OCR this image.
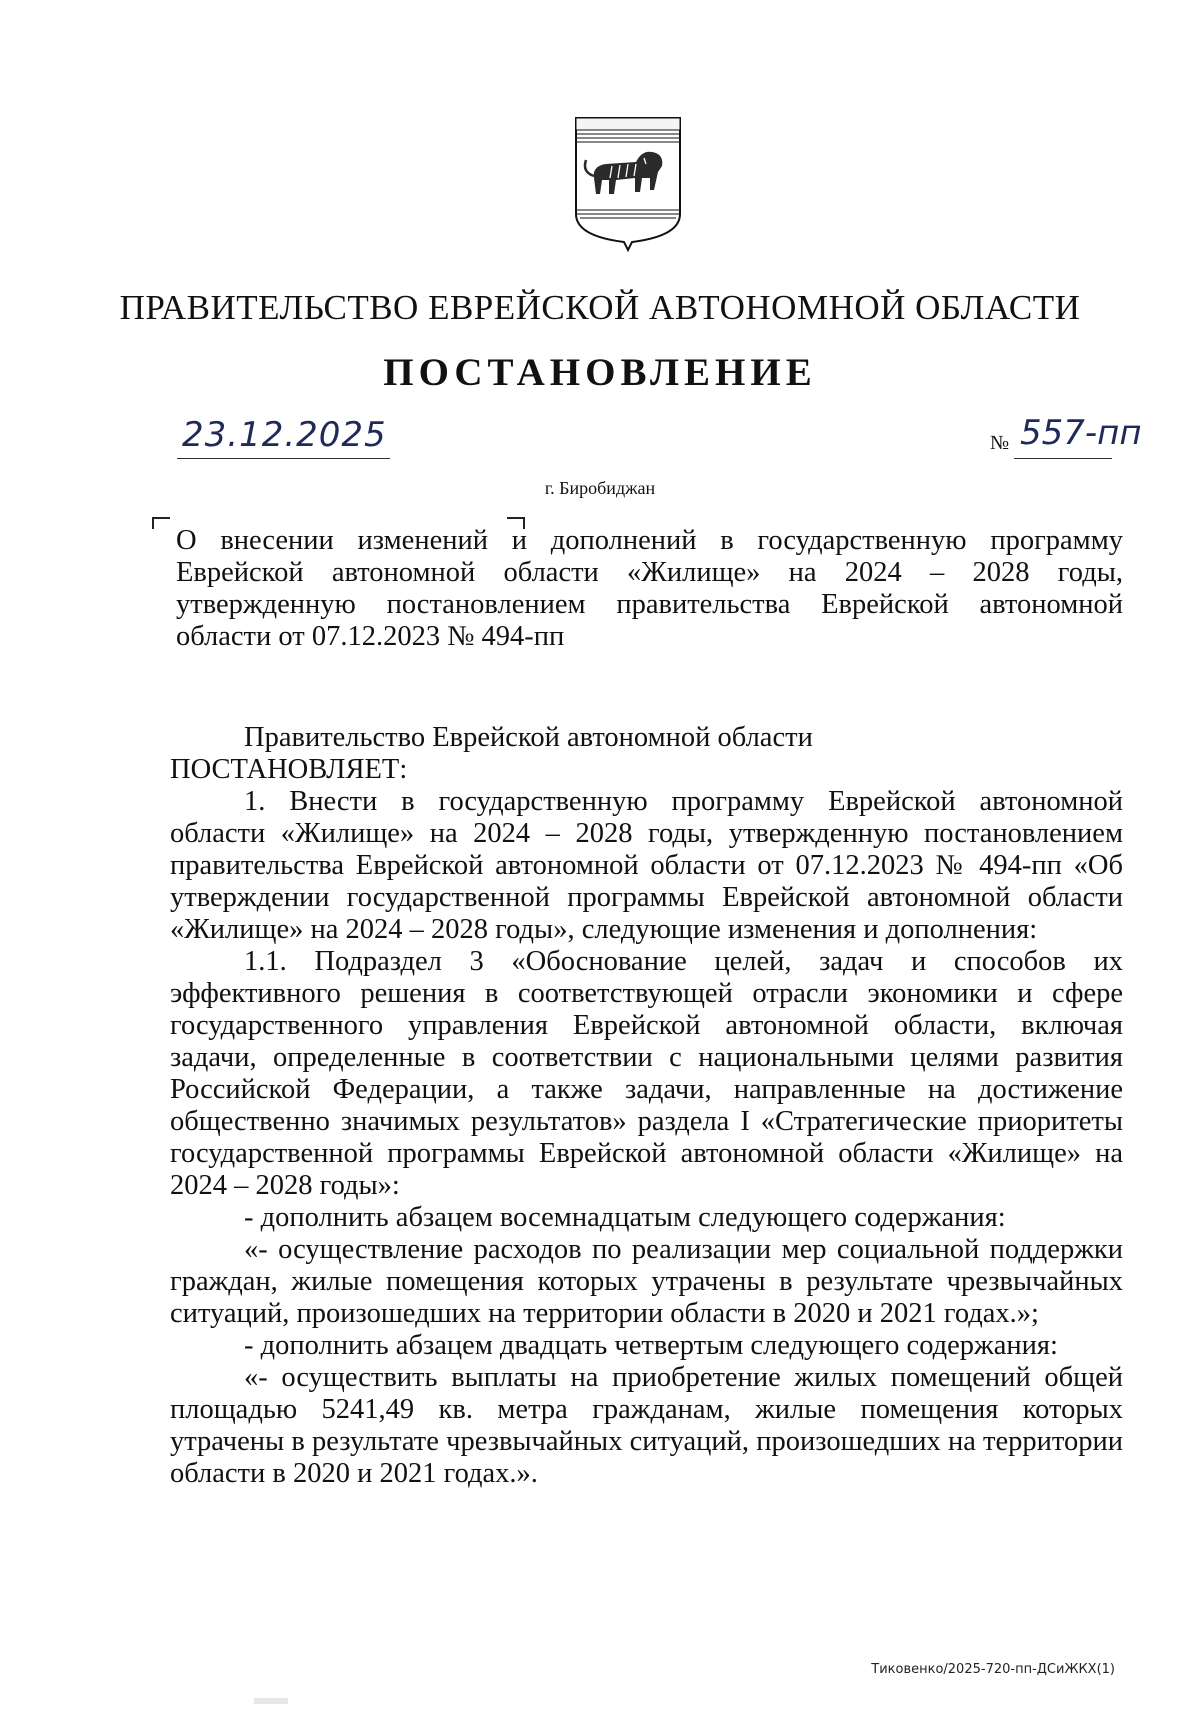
ПРАВИТЕЛЬСТВО ЕВРЕЙСКОЙ АВТОНОМНОЙ ОБЛАСТИ
ПОСТАНОВЛЕНИЕ
23.12.2025	№ 557-пп
г. Биробиджан

О внесении изменений и дополнений в государственную программу Еврейской автономной области «Жилище» на 2024 – 2028 годы, утвержденную постановлением правительства Еврейской автономной области от 07.12.2023 № 494-пп

Правительство Еврейской автономной области

ПОСТАНОВЛЯЕТ:

1. Внести в государственную программу Еврейской автономной области «Жилище» на 2024 – 2028 годы, утвержденную постановлением правительства Еврейской автономной области от 07.12.2023 № 494-пп «Об утверждении государственной программы Еврейской автономной области «Жилище» на 2024 – 2028 годы», следующие изменения и дополнения:

1.1. Подраздел 3 «Обоснование целей, задач и способов их эффективного решения в соответствующей отрасли экономики и сфере государственного управления Еврейской автономной области, включая задачи, определенные в соответствии с национальными целями развития Российской Федерации, а также задачи, направленные на достижение общественно значимых результатов» раздела I «Стратегические приоритеты государственной программы Еврейской автономной области «Жилище» на 2024 – 2028 годы»:

- дополнить абзацем восемнадцатым следующего содержания:

«- осуществление расходов по реализации мер социальной поддержки граждан, жилые помещения которых утрачены в результате чрезвычайных ситуаций, произошедших на территории области в 2020 и 2021 годах.»;

- дополнить абзацем двадцать четвертым следующего содержания:

«- осуществить выплаты на приобретение жилых помещений общей площадью 5241,49 кв. метра гражданам, жилые помещения которых утрачены в результате чрезвычайных ситуаций, произошедших на территории области в 2020 и 2021 годах.».

Тиковенко/2025-720-пп-ДСиЖКХ(1)
